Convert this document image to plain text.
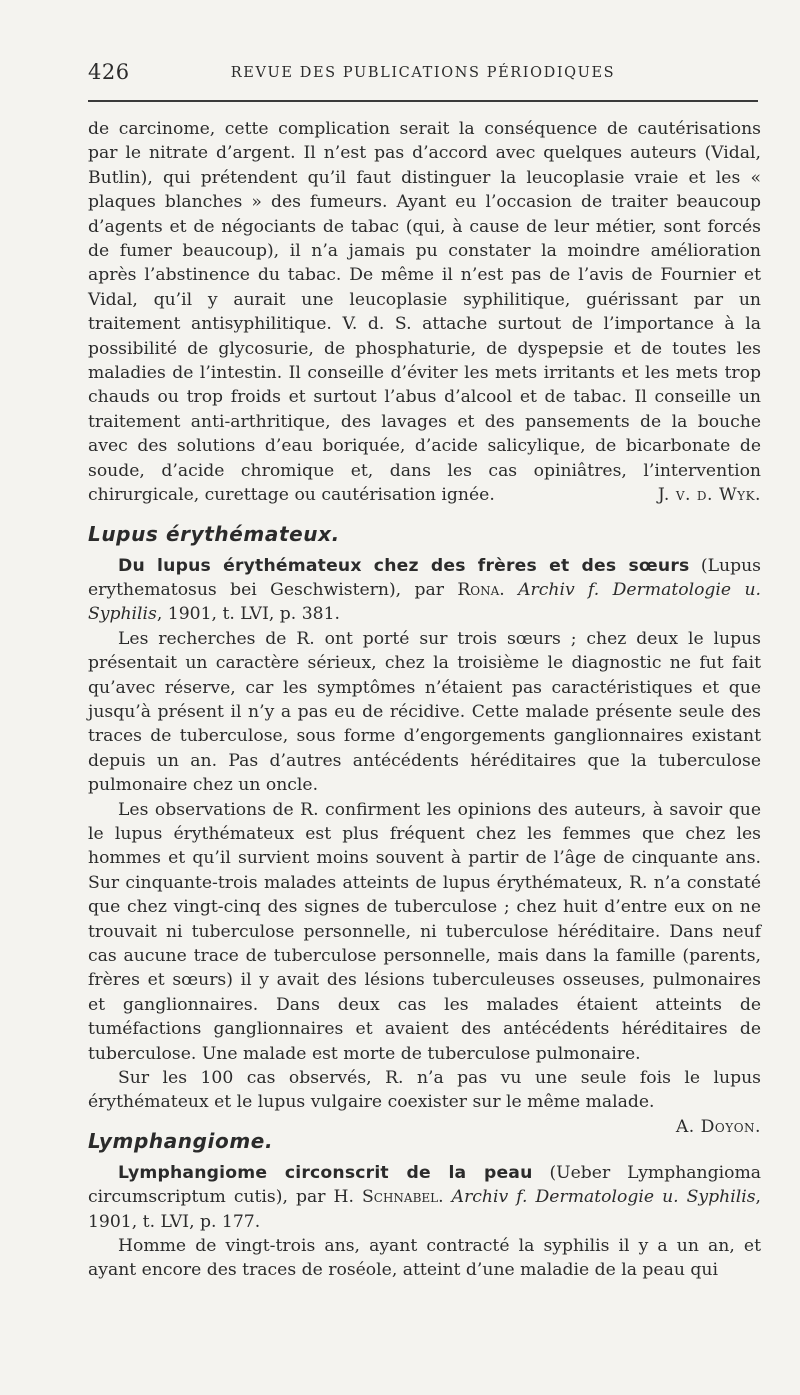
426	REVUE DES PUBLICATIONS PÉRIODIQUES

de carcinome, cette complication serait la conséquence de cautérisations par le nitrate d’argent. Il n’est pas d’accord avec quelques auteurs (Vidal, Butlin), qui prétendent qu’il faut distinguer la leucoplasie vraie et les « plaques blanches » des fumeurs. Ayant eu l’occasion de traiter beaucoup d’agents et de négociants de tabac (qui, à cause de leur métier, sont forcés de fumer beaucoup), il n’a jamais pu constater la moindre amélioration après l’abstinence du tabac. De même il n’est pas de l’avis de Fournier et Vidal, qu’il y aurait une leucoplasie syphilitique, guérissant par un traitement antisyphilitique. V. d. S. attache surtout de l’importance à la possibilité de glycosurie, de phosphaturie, de dyspepsie et de toutes les maladies de l’intestin. Il conseille d’éviter les mets irritants et les mets trop chauds ou trop froids et surtout l’abus d’alcool et de tabac. Il conseille un traitement anti-arthritique, des lavages et des pansements de la bouche avec des solutions d’eau boriquée, d’acide salicylique, de bicarbonate de soude, d’acide chromique et, dans les cas opiniâtres, l’intervention chirurgicale, curettage ou cautérisation ignée.	J. v. d. Wyk.

Lupus érythémateux.

Du lupus érythémateux chez des frères et des sœurs (Lupus erythematosus bei Geschwistern), par Rona. Archiv f. Dermatologie u. Syphilis, 1901, t. LVI, p. 381.

Les recherches de R. ont porté sur trois sœurs ; chez deux le lupus présentait un caractère sérieux, chez la troisième le diagnostic ne fut fait qu’avec réserve, car les symptômes n’étaient pas caractéristiques et que jusqu’à présent il n’y a pas eu de récidive. Cette malade présente seule des traces de tuberculose, sous forme d’engorgements ganglionnaires existant depuis un an. Pas d’autres antécédents héréditaires que la tuberculose pulmonaire chez un oncle.

Les observations de R. confirment les opinions des auteurs, à savoir que le lupus érythémateux est plus fréquent chez les femmes que chez les hommes et qu’il survient moins souvent à partir de l’âge de cinquante ans. Sur cinquante-trois malades atteints de lupus érythémateux, R. n’a constaté que chez vingt-cinq des signes de tuberculose ; chez huit d’entre eux on ne trouvait ni tuberculose personnelle, ni tuberculose héréditaire. Dans neuf cas aucune trace de tuberculose personnelle, mais dans la famille (parents, frères et sœurs) il y avait des lésions tuberculeuses osseuses, pulmonaires et ganglionnaires. Dans deux cas les malades étaient atteints de tuméfactions ganglionnaires et avaient des antécédents héréditaires de tuberculose. Une malade est morte de tuberculose pulmonaire.

Sur les 100 cas observés, R. n’a pas vu une seule fois le lupus érythémateux et le lupus vulgaire coexister sur le même malade.
A. Doyon.

Lymphangiome.

Lymphangiome circonscrit de la peau (Ueber Lymphangioma circumscriptum cutis), par H. Schnabel. Archiv f. Dermatologie u. Syphilis, 1901, t. LVI, p. 177.

Homme de vingt-trois ans, ayant contracté la syphilis il y a un an, et ayant encore des traces de roséole, atteint d’une maladie de la peau qui
